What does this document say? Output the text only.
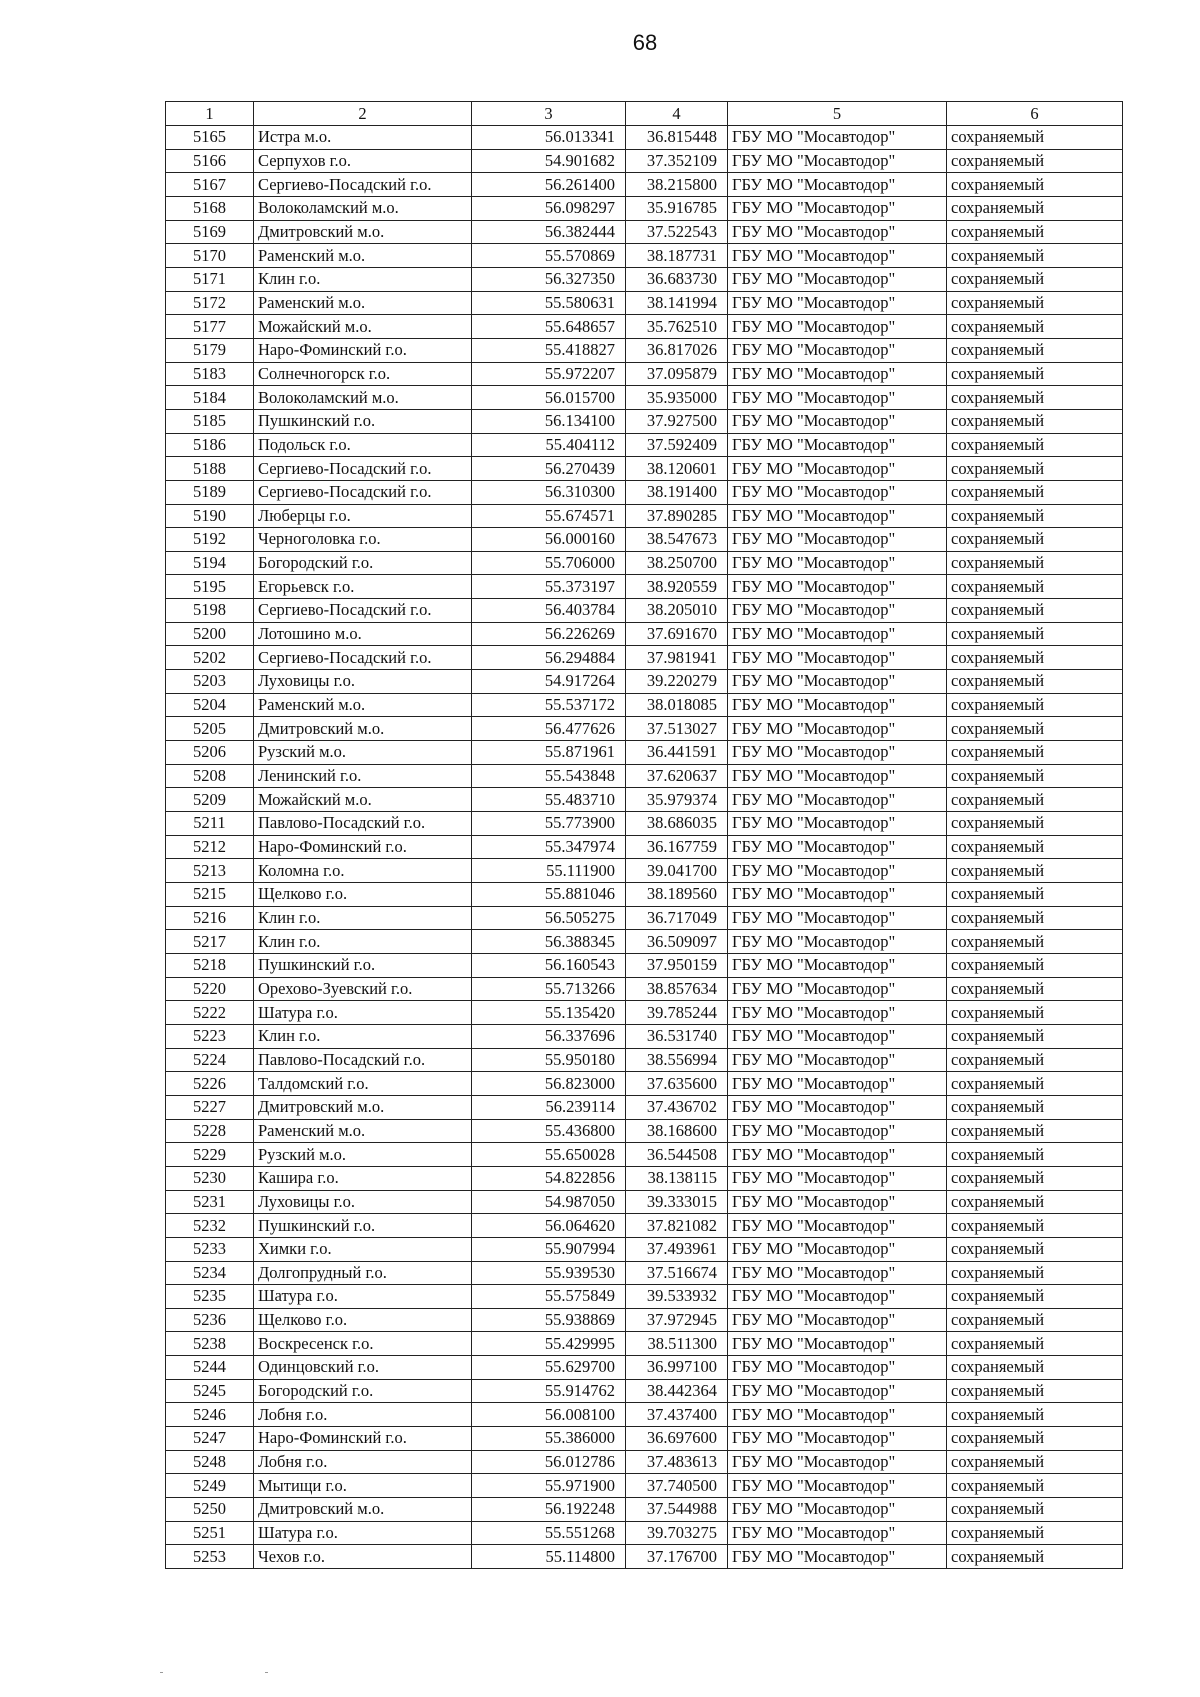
68
1	2	3	4	5	6
5165	Истра м.о.	56.013341	36.815448	ГБУ МО "Мосавтодор"	сохраняемый
5166	Серпухов г.о.	54.901682	37.352109	ГБУ МО "Мосавтодор"	сохраняемый
5167	Сергиево-Посадский г.о.	56.261400	38.215800	ГБУ МО "Мосавтодор"	сохраняемый
5168	Волоколамский м.о.	56.098297	35.916785	ГБУ МО "Мосавтодор"	сохраняемый
5169	Дмитровский м.о.	56.382444	37.522543	ГБУ МО "Мосавтодор"	сохраняемый
5170	Раменский м.о.	55.570869	38.187731	ГБУ МО "Мосавтодор"	сохраняемый
5171	Клин г.о.	56.327350	36.683730	ГБУ МО "Мосавтодор"	сохраняемый
5172	Раменский м.о.	55.580631	38.141994	ГБУ МО "Мосавтодор"	сохраняемый
5177	Можайский м.о.	55.648657	35.762510	ГБУ МО "Мосавтодор"	сохраняемый
5179	Наро-Фоминский г.о.	55.418827	36.817026	ГБУ МО "Мосавтодор"	сохраняемый
5183	Солнечногорск г.о.	55.972207	37.095879	ГБУ МО "Мосавтодор"	сохраняемый
5184	Волоколамский м.о.	56.015700	35.935000	ГБУ МО "Мосавтодор"	сохраняемый
5185	Пушкинский г.о.	56.134100	37.927500	ГБУ МО "Мосавтодор"	сохраняемый
5186	Подольск г.о.	55.404112	37.592409	ГБУ МО "Мосавтодор"	сохраняемый
5188	Сергиево-Посадский г.о.	56.270439	38.120601	ГБУ МО "Мосавтодор"	сохраняемый
5189	Сергиево-Посадский г.о.	56.310300	38.191400	ГБУ МО "Мосавтодор"	сохраняемый
5190	Люберцы г.о.	55.674571	37.890285	ГБУ МО "Мосавтодор"	сохраняемый
5192	Черноголовка г.о.	56.000160	38.547673	ГБУ МО "Мосавтодор"	сохраняемый
5194	Богородский г.о.	55.706000	38.250700	ГБУ МО "Мосавтодор"	сохраняемый
5195	Егорьевск г.о.	55.373197	38.920559	ГБУ МО "Мосавтодор"	сохраняемый
5198	Сергиево-Посадский г.о.	56.403784	38.205010	ГБУ МО "Мосавтодор"	сохраняемый
5200	Лотошино м.о.	56.226269	37.691670	ГБУ МО "Мосавтодор"	сохраняемый
5202	Сергиево-Посадский г.о.	56.294884	37.981941	ГБУ МО "Мосавтодор"	сохраняемый
5203	Луховицы г.о.	54.917264	39.220279	ГБУ МО "Мосавтодор"	сохраняемый
5204	Раменский м.о.	55.537172	38.018085	ГБУ МО "Мосавтодор"	сохраняемый
5205	Дмитровский м.о.	56.477626	37.513027	ГБУ МО "Мосавтодор"	сохраняемый
5206	Рузский м.о.	55.871961	36.441591	ГБУ МО "Мосавтодор"	сохраняемый
5208	Ленинский г.о.	55.543848	37.620637	ГБУ МО "Мосавтодор"	сохраняемый
5209	Можайский м.о.	55.483710	35.979374	ГБУ МО "Мосавтодор"	сохраняемый
5211	Павлово-Посадский г.о.	55.773900	38.686035	ГБУ МО "Мосавтодор"	сохраняемый
5212	Наро-Фоминский г.о.	55.347974	36.167759	ГБУ МО "Мосавтодор"	сохраняемый
5213	Коломна г.о.	55.111900	39.041700	ГБУ МО "Мосавтодор"	сохраняемый
5215	Щелково г.о.	55.881046	38.189560	ГБУ МО "Мосавтодор"	сохраняемый
5216	Клин г.о.	56.505275	36.717049	ГБУ МО "Мосавтодор"	сохраняемый
5217	Клин г.о.	56.388345	36.509097	ГБУ МО "Мосавтодор"	сохраняемый
5218	Пушкинский г.о.	56.160543	37.950159	ГБУ МО "Мосавтодор"	сохраняемый
5220	Орехово-Зуевский г.о.	55.713266	38.857634	ГБУ МО "Мосавтодор"	сохраняемый
5222	Шатура г.о.	55.135420	39.785244	ГБУ МО "Мосавтодор"	сохраняемый
5223	Клин г.о.	56.337696	36.531740	ГБУ МО "Мосавтодор"	сохраняемый
5224	Павлово-Посадский г.о.	55.950180	38.556994	ГБУ МО "Мосавтодор"	сохраняемый
5226	Талдомский г.о.	56.823000	37.635600	ГБУ МО "Мосавтодор"	сохраняемый
5227	Дмитровский м.о.	56.239114	37.436702	ГБУ МО "Мосавтодор"	сохраняемый
5228	Раменский м.о.	55.436800	38.168600	ГБУ МО "Мосавтодор"	сохраняемый
5229	Рузский м.о.	55.650028	36.544508	ГБУ МО "Мосавтодор"	сохраняемый
5230	Кашира г.о.	54.822856	38.138115	ГБУ МО "Мосавтодор"	сохраняемый
5231	Луховицы г.о.	54.987050	39.333015	ГБУ МО "Мосавтодор"	сохраняемый
5232	Пушкинский г.о.	56.064620	37.821082	ГБУ МО "Мосавтодор"	сохраняемый
5233	Химки г.о.	55.907994	37.493961	ГБУ МО "Мосавтодор"	сохраняемый
5234	Долгопрудный г.о.	55.939530	37.516674	ГБУ МО "Мосавтодор"	сохраняемый
5235	Шатура г.о.	55.575849	39.533932	ГБУ МО "Мосавтодор"	сохраняемый
5236	Щелково г.о.	55.938869	37.972945	ГБУ МО "Мосавтодор"	сохраняемый
5238	Воскресенск г.о.	55.429995	38.511300	ГБУ МО "Мосавтодор"	сохраняемый
5244	Одинцовский г.о.	55.629700	36.997100	ГБУ МО "Мосавтодор"	сохраняемый
5245	Богородский г.о.	55.914762	38.442364	ГБУ МО "Мосавтодор"	сохраняемый
5246	Лобня г.о.	56.008100	37.437400	ГБУ МО "Мосавтодор"	сохраняемый
5247	Наро-Фоминский г.о.	55.386000	36.697600	ГБУ МО "Мосавтодор"	сохраняемый
5248	Лобня г.о.	56.012786	37.483613	ГБУ МО "Мосавтодор"	сохраняемый
5249	Мытищи г.о.	55.971900	37.740500	ГБУ МО "Мосавтодор"	сохраняемый
5250	Дмитровский м.о.	56.192248	37.544988	ГБУ МО "Мосавтодор"	сохраняемый
5251	Шатура г.о.	55.551268	39.703275	ГБУ МО "Мосавтодор"	сохраняемый
5253	Чехов г.о.	55.114800	37.176700	ГБУ МО "Мосавтодор"	сохраняемый
